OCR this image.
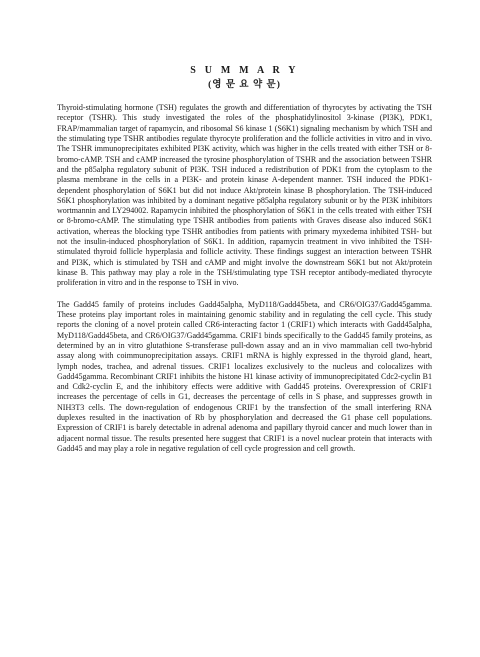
S U M M A R Y
(영 문 요 약 문)

Thyroid-stimulating hormone (TSH) regulates the growth and differentiation of thyrocytes by activating the TSH receptor (TSHR). This study investigated the roles of the phosphatidylinositol 3-kinase (PI3K), PDK1, FRAP/mammalian target of rapamycin, and ribosomal S6 kinase 1 (S6K1) signaling mechanism by which TSH and the stimulating type TSHR antibodies regulate thyrocyte proliferation and the follicle activities in vitro and in vivo. The TSHR immunoprecipitates exhibited PI3K activity, which was higher in the cells treated with either TSH or 8-bromo-cAMP. TSH and cAMP increased the tyrosine phosphorylation of TSHR and the association between TSHR and the p85alpha regulatory subunit of PI3K. TSH induced a redistribution of PDK1 from the cytoplasm to the plasma membrane in the cells in a PI3K- and protein kinase A-dependent manner. TSH induced the PDK1-dependent phosphorylation of S6K1 but did not induce Akt/protein kinase B phosphorylation. The TSH-induced S6K1 phosphorylation was inhibited by a dominant negative p85alpha regulatory subunit or by the PI3K inhibitors wortmannin and LY294002. Rapamycin inhibited the phosphorylation of S6K1 in the cells treated with either TSH or 8-bromo-cAMP. The stimulating type TSHR antibodies from patients with Graves disease also induced S6K1 activation, whereas the blocking type TSHR antibodies from patients with primary myxedema inhibited TSH- but not the insulin-induced phosphorylation of S6K1. In addition, rapamycin treatment in vivo inhibited the TSH-stimulated thyroid follicle hyperplasia and follicle activity. These findings suggest an interaction between TSHR and PI3K, which is stimulated by TSH and cAMP and might involve the downstream S6K1 but not Akt/protein kinase B. This pathway may play a role in the TSH/stimulating type TSH receptor antibody-mediated thyrocyte proliferation in vitro and in the response to TSH in vivo.

The Gadd45 family of proteins includes Gadd45alpha, MyD118/Gadd45beta, and CR6/OIG37/Gadd45gamma. These proteins play important roles in maintaining genomic stability and in regulating the cell cycle. This study reports the cloning of a novel protein called CR6-interacting factor 1 (CRIF1) which interacts with Gadd45alpha, MyD118/Gadd45beta, and CR6/OIG37/Gadd45gamma. CRIF1 binds specifically to the Gadd45 family proteins, as determined by an in vitro glutathione S-transferase pull-down assay and an in vivo mammalian cell two-hybrid assay along with coimmunoprecipitation assays. CRIF1 mRNA is highly expressed in the thyroid gland, heart, lymph nodes, trachea, and adrenal tissues. CRIF1 localizes exclusively to the nucleus and colocalizes with Gadd45gamma. Recombinant CRIF1 inhibits the histone H1 kinase activity of immunoprecipitated Cdc2-cyclin B1 and Cdk2-cyclin E, and the inhibitory effects were additive with Gadd45 proteins. Overexpression of CRIF1 increases the percentage of cells in G1, decreases the percentage of cells in S phase, and suppresses growth in NIH3T3 cells. The down-regulation of endogenous CRIF1 by the transfection of the small interfering RNA duplexes resulted in the inactivation of Rb by phosphorylation and decreased the G1 phase cell populations. Expression of CRIF1 is barely detectable in adrenal adenoma and papillary thyroid cancer and much lower than in adjacent normal tissue. The results presented here suggest that CRIF1 is a novel nuclear protein that interacts with Gadd45 and may play a role in negative regulation of cell cycle progression and cell growth.
